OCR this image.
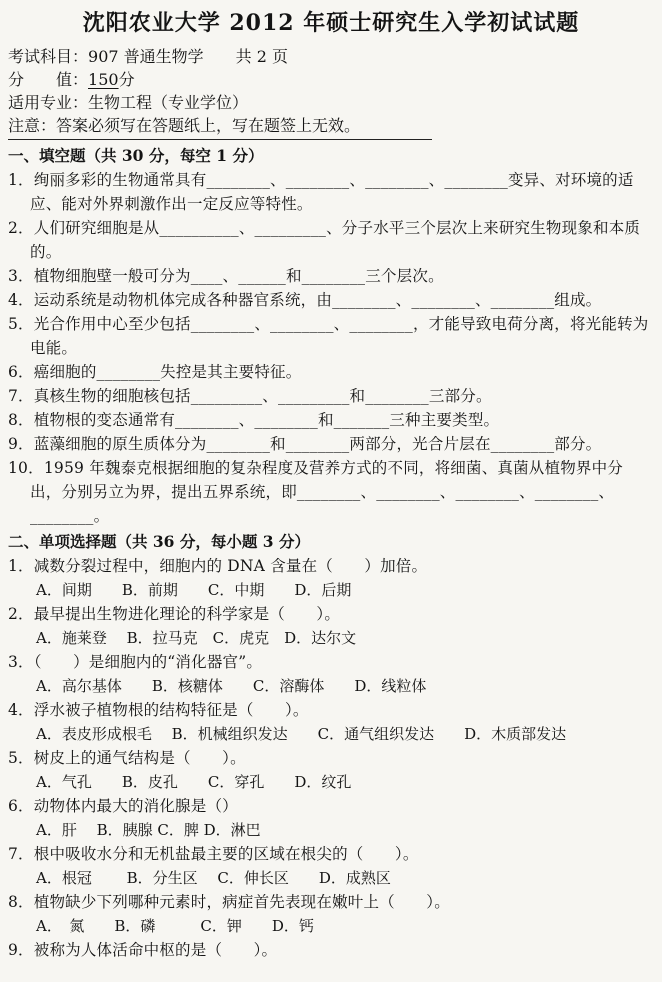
沈阳农业大学 2012 年硕士研究生入学初试试题
考试科目：907 普通生物学　　 共 2 页
分　　值：150分
适用专业：生物工程（专业学位）
注意：答案必须写在答题纸上，写在题签上无效。
一、填空题（共 30 分，每空 1 分）
1．绚丽多彩的生物通常具有________、________、________、________变异、对环境的适应、能对外界刺激作出一定反应等特性。
2．人们研究细胞是从__________、_________、分子水平三个层次上来研究生物现象和本质的。
3．植物细胞壁一般可分为____、______和________三个层次。
4．运动系统是动物机体完成各种器官系统，由________、________、________组成。
5．光合作用中心至少包括________、________、________，才能导致电荷分离，将光能转为电能。
6．癌细胞的________失控是其主要特征。
7．真核生物的细胞核包括_________、_________和________三部分。
8．植物根的变态通常有________、________和_______三种主要类型。
9．蓝藻细胞的原生质体分为________和________两部分，光合片层在________部分。
10．1959 年魏泰克根据细胞的复杂程度及营养方式的不同，将细菌、真菌从植物界中分出，分别另立为界，提出五界系统，即________、________、________、________、________。
二、单项选择题（共 36 分，每小题 3 分）
1．减数分裂过程中，细胞内的 DNA 含量在（　　）加倍。
A．间期　　B．前期　　C．中期　　D．后期
2．最早提出生物进化理论的科学家是（　　）。
A．施莱登　 B．拉马克　C．虎克　D．达尔文
3．（　　）是细胞内的“消化器官”。
A．高尔基体　　B．核糖体　　C．溶酶体　　D．线粒体
4．浮水被子植物根的结构特征是（　　）。
A．表皮形成根毛　 B．机械组织发达　　C．通气组织发达　　D．木质部发达
5．树皮上的通气结构是（　　）。
A．气孔　　B．皮孔　　C．穿孔　　D．纹孔
6．动物体内最大的消化腺是（）
A．肝　 B．胰腺 C．脾 D．淋巴
7．根中吸收水分和无机盐最主要的区域在根尖的（　　）。
A．根冠　　 B．分生区　 C．伸长区　　D．成熟区
8．植物缺少下列哪种元素时，病症首先表现在嫩叶上（　　）。
A．　氮　　B．磷　　　C．钾　　D．钙
9．被称为人体活命中枢的是（　　）。
